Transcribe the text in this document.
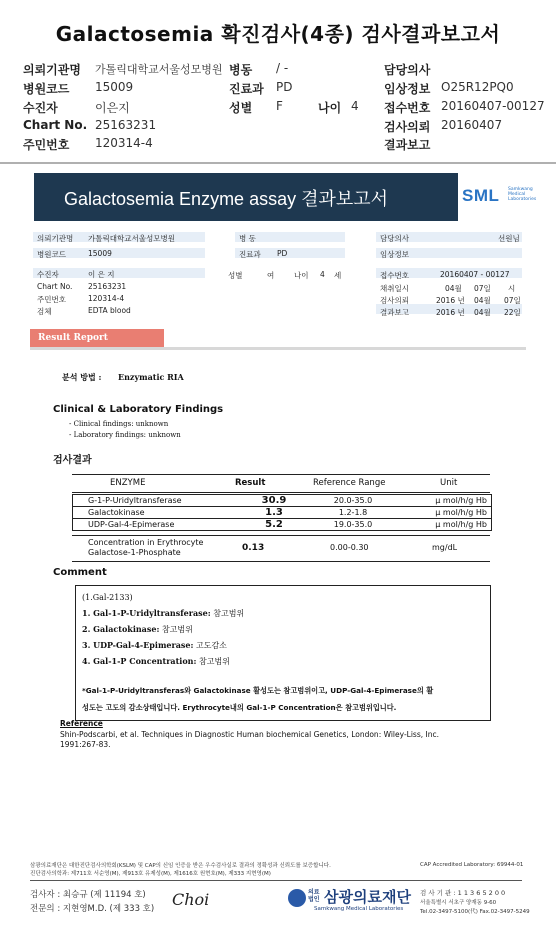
Galactosemia 확진검사(4종) 검사결과보고서
의뢰기관명 가톨릭대학교서울성모병원 병동 / -	담당의사
병원코드 15009	진료과 PD	임상정보 O25R12PQ0
수진자	이은지	성별 F	나이 4 접수번호 20160407-00127
Chart No. 25163231	검사의뢰 20160407
주민번호 120314-4	결과보고
Galactosemia Enzyme assay 결과보고서	SML Samkwang Medical Laboratories
의뢰기관명 가톨릭대학교서울성모병원
병원코드	15009
수진자	이 은 지
Chart No. 25163231
주민번호	120314-4
검체	EDTA blood
병 동
진료과 PD
성별	여	나이 4 세
담당의사	선원님
임상정보
접수번호	20160407 - 00127
채취일시	04월 07일 시
검사의뢰	2016 년 04월 07일
결과보고	2016 년 04월 22일
Result Report
분석 방법 : Enzymatic RIA
Clinical & Laboratory Findings
- Clinical findings: unknown
- Laboratory findings: unknown
검사결과
ENZYME	Result	Reference Range	Unit
G-1-P-Uridyltransferase	30.9	20.0-35.0	μ mol/h/g Hb
Galactokinase	1.3	1.2-1.8	μ mol/h/g Hb
UDP-Gal-4-Epimerase	5.2	19.0-35.0	μ mol/h/g Hb
Concentration in Erythrocyte
Galactose-1-Phosphate	0.13	0.00-0.30	mg/dL
Comment
(1.Gal-2133)
1. Gal-1-P-Uridyltransferase: 참고범위
2. Galactokinase: 참고범위
3. UDP-Gal-4-Epimerase: 고도감소
4. Gal-1-P Concentration: 참고범위
*Gal-1-P-Uridyltransferas와 Galactokinase 활성도는 참고범위이고, UDP-Gal-4-Epimerase의 활
성도는 고도의 감소상태입니다. Erythrocyte내의 Gal-1-P Concentration은 참고범위입니다.
Reference
Shin-Podscarbi, et al. Techniques in Diagnostic Human biochemical Genetics, London: Wiley-Liss, Inc.
1991:267-83.
삼광의료재단은 대한진단검사의학회(KSLM) 및 CAP의 신임 인증을 받은 우수검사실로 결과의 정확성과 신뢰도를 보증합니다.
진단검사의학과: 제711호 서순영(M), 제913호 유제성(M), 제1616호 원현호(M), 제333 지현영(M)
CAP Accredited Laboratory: 69944-01
검사자 : 최승규 (제 11194 호)
전문의 : 지현영M.D. (제 333 호) Choi	의료법인 삼광의료재단
Samkwang Medical Laboratories
검 사 기 관 : 1 1 3 6 5 2 0 0
서울특별시 서초구 양재동 9-60
Tel.02-3497-5100(代) Fax.02-3497-5249
